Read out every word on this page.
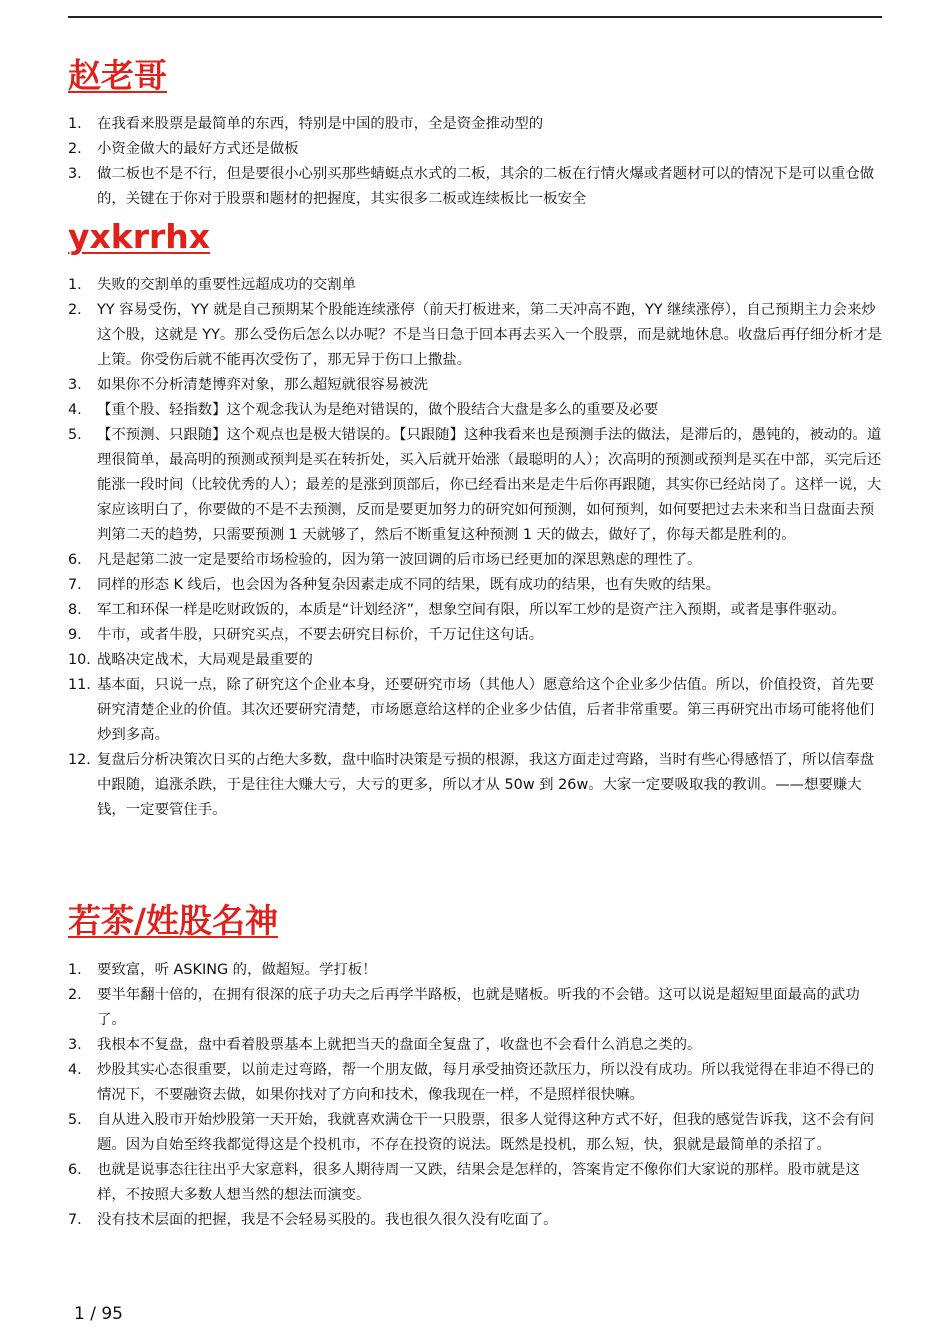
赵老哥
1. 在我看来股票是最简单的东西，特别是中国的股市，全是资金推动型的
2. 小资金做大的最好方式还是做板
3. 做二板也不是不行，但是要很小心别买那些蜻蜓点水式的二板，其余的二板在行情火爆或者题材可以的情况下是可以重仓做的，关键在于你对于股票和题材的把握度，其实很多二板或连续板比一板安全
yxkrrhx
1. 失败的交割单的重要性远超成功的交割单
2. YY 容易受伤，YY 就是自己预期某个股能连续涨停（前天打板进来，第二天冲高不跑，YY 继续涨停），自己预期主力会来炒这个股，这就是 YY。那么受伤后怎么以办呢？不是当日急于回本再去买入一个股票，而是就地休息。收盘后再仔细分析才是上策。你受伤后就不能再次受伤了，那无异于伤口上撒盐。
3. 如果你不分析清楚博弈对象，那么超短就很容易被洗
4. 【重个股、轻指数】这个观念我认为是绝对错误的，做个股结合大盘是多么的重要及必要
5. 【不预测、只跟随】这个观点也是极大错误的。【只跟随】这种我看来也是预测手法的做法，是滞后的，愚钝的，被动的。道理很简单，最高明的预测或预判是买在转折处，买入后就开始涨（最聪明的人）；次高明的预测或预判是买在中部，买完后还能涨一段时间（比较优秀的人）；最差的是涨到顶部后，你已经看出来是走牛后你再跟随，其实你已经站岗了。这样一说，大家应该明白了，你要做的不是不去预测，反而是要更加努力的研究如何预测，如何预判，如何要把过去未来和当日盘面去预判第二天的趋势，只需要预测 1 天就够了，然后不断重复这种预测 1 天的做去，做好了，你每天都是胜利的。
6. 凡是起第二波一定是要给市场检验的，因为第一波回调的后市场已经更加的深思熟虑的理性了。
7. 同样的形态 K 线后，也会因为各种复杂因素走成不同的结果，既有成功的结果，也有失败的结果。
8. 军工和环保一样是吃财政饭的，本质是“计划经济”，想象空间有限，所以军工炒的是资产注入预期，或者是事件驱动。
9. 牛市，或者牛股，只研究买点，不要去研究目标价，千万记住这句话。
10. 战略决定战术，大局观是最重要的
11. 基本面，只说一点，除了研究这个企业本身，还要研究市场（其他人）愿意给这个企业多少估值。所以，价值投资，首先要研究清楚企业的价值。其次还要研究清楚，市场愿意给这样的企业多少估值，后者非常重要。第三再研究出市场可能将他们炒到多高。
12. 复盘后分析决策次日买的占绝大多数，盘中临时决策是亏损的根源，我这方面走过弯路，当时有些心得感悟了，所以信奉盘中跟随，追涨杀跌，于是往往大赚大亏，大亏的更多，所以才从 50w 到 26w。大家一定要吸取我的教训。——想要赚大钱，一定要管住手。
若茶/姓股名神
1. 要致富，听 ASKING 的，做超短。学打板！
2. 要半年翻十倍的，在拥有很深的底子功夫之后再学半路板，也就是赌板。听我的不会错。这可以说是超短里面最高的武功了。
3. 我根本不复盘，盘中看着股票基本上就把当天的盘面全复盘了，收盘也不会看什么消息之类的。
4. 炒股其实心态很重要，以前走过弯路，帮一个朋友做，每月承受抽资还款压力，所以没有成功。所以我觉得在非迫不得已的情况下，不要融资去做，如果你找对了方向和技术，像我现在一样，不是照样很快嘛。
5. 自从进入股市开始炒股第一天开始，我就喜欢满仓干一只股票，很多人觉得这种方式不好，但我的感觉告诉我，这不会有问题。因为自始至终我都觉得这是个投机市，不存在投资的说法。既然是投机，那么短，快，狠就是最简单的杀招了。
6. 也就是说事态往往出乎大家意料，很多人期待周一又跌，结果会是怎样的，答案肯定不像你们大家说的那样。股市就是这样，不按照大多数人想当然的想法而演变。
7. 没有技术层面的把握，我是不会轻易买股的。我也很久很久没有吃面了。
1 / 95
